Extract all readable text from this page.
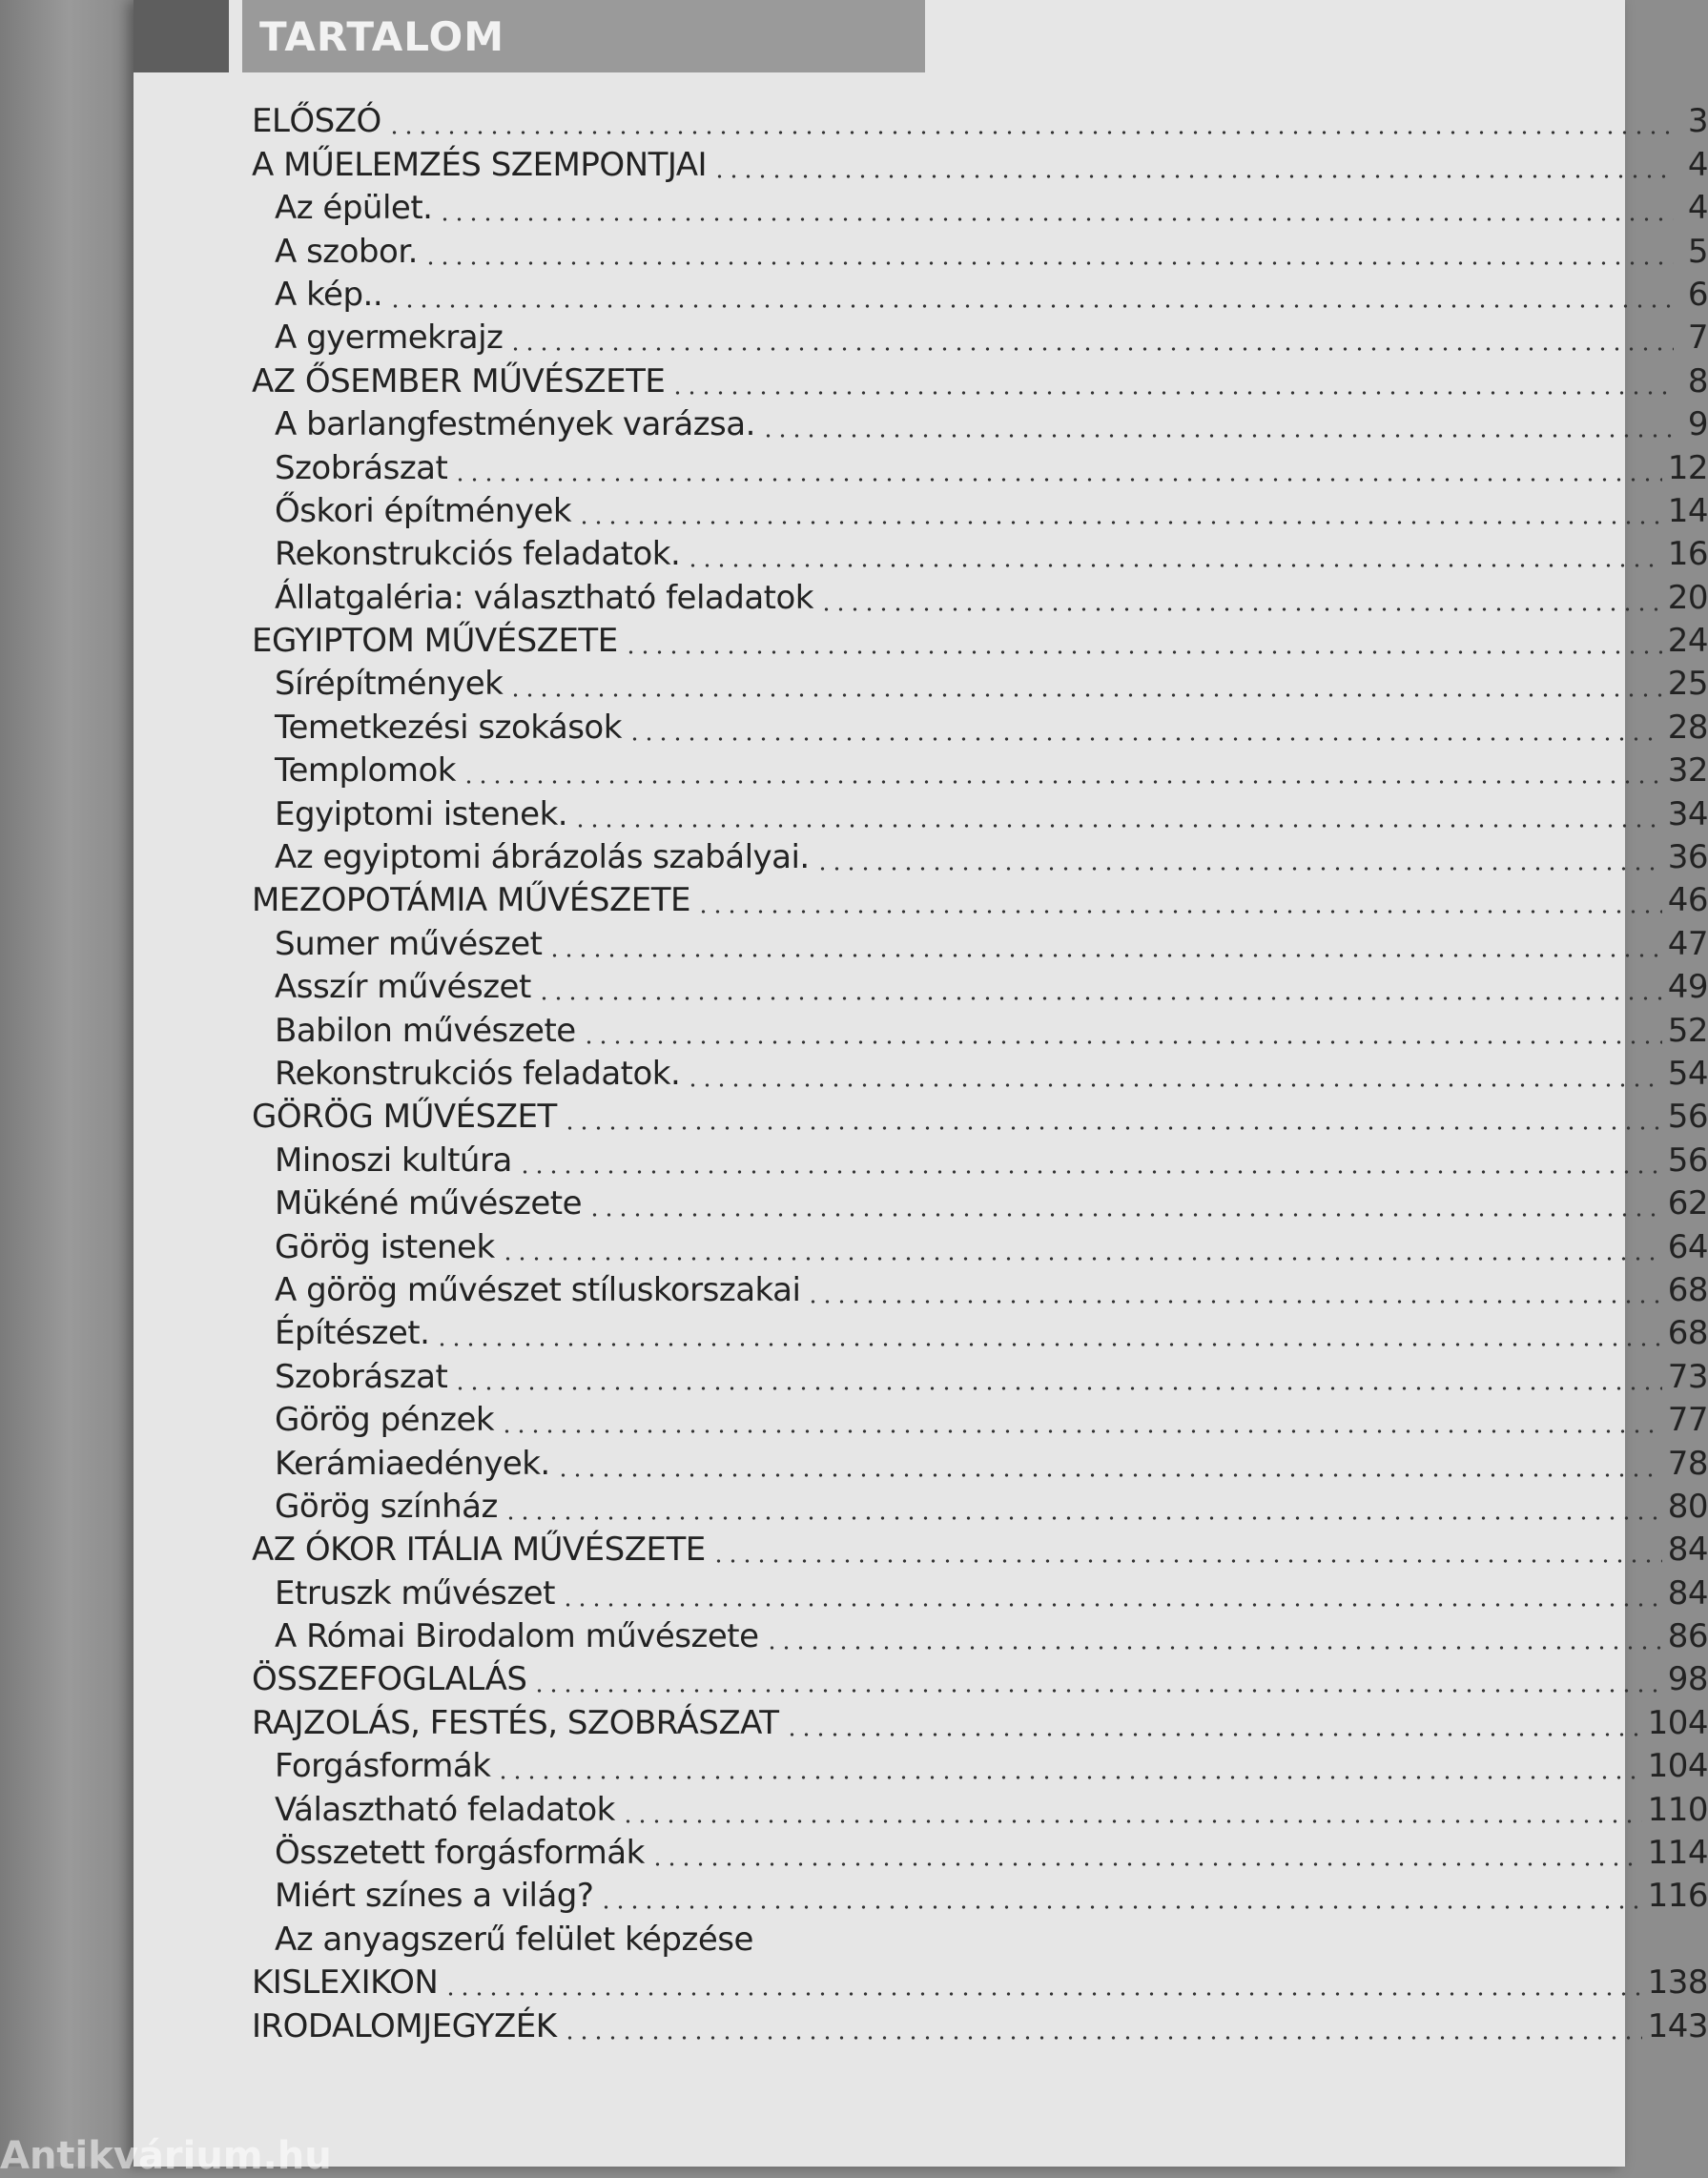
TARTALOM
ELŐSZÓ	3
A MŰELEMZÉS SZEMPONTJAI	4
Az épület.	4
A szobor.	5
A kép..	6
A gyermekrajz	7
AZ ŐSEMBER MŰVÉSZETE	8
A barlangfestmények varázsa.	9
Szobrászat	12
Őskori építmények	14
Rekonstrukciós feladatok.	16
Állatgaléria: választható feladatok	20
EGYIPTOM MŰVÉSZETE	24
Sírépítmények	25
Temetkezési szokások	28
Templomok	32
Egyiptomi istenek.	34
Az egyiptomi ábrázolás szabályai.	36
MEZOPOTÁMIA MŰVÉSZETE	46
Sumer művészet	47
Asszír művészet	49
Babilon művészete	52
Rekonstrukciós feladatok.	54
GÖRÖG MŰVÉSZET	56
Minoszi kultúra	56
Mükéné művészete	62
Görög istenek	64
A görög művészet stíluskorszakai	68
Építészet.	68
Szobrászat	73
Görög pénzek	77
Kerámiaedények.	78
Görög színház	80
AZ ÓKOR ITÁLIA MŰVÉSZETE	84
Etruszk művészet	84
A Római Birodalom művészete	86
ÖSSZEFOGLALÁS	98
RAJZOLÁS, FESTÉS, SZOBRÁSZAT	104
Forgásformák	104
Választható feladatok	110
Összetett forgásformák	114
Miért színes a világ?	116
Az anyagszerű felület képzése
KISLEXIKON	138
IRODALOMJEGYZÉK	143
Antikvárium.hu
